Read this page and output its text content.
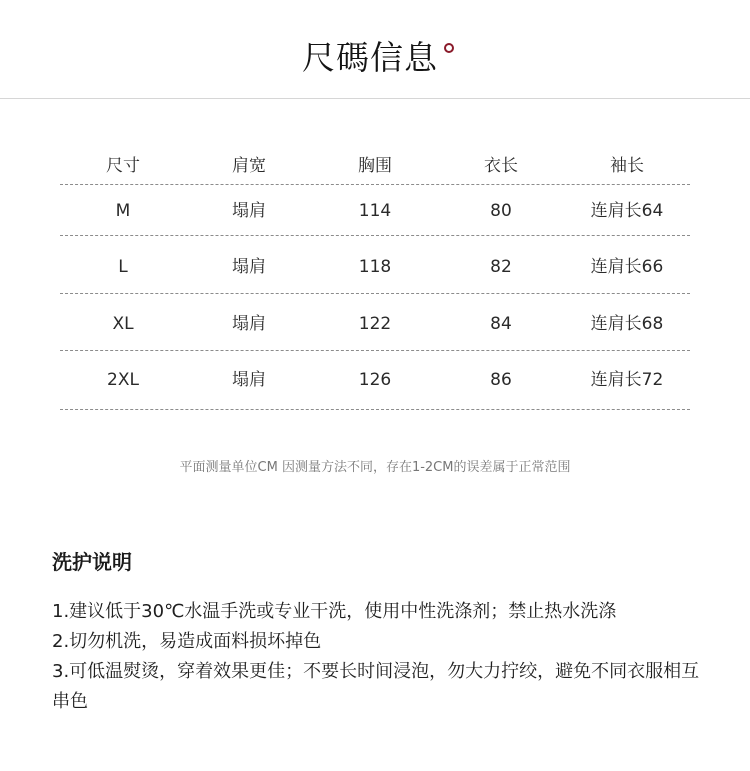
尺碼信息
尺寸	肩宽	胸围	衣长	袖长
M	塌肩	114	80	连肩长64
L	塌肩	118	82	连肩长66
XL	塌肩	122	84	连肩长68
2XL	塌肩	126	86	连肩长72
平面测量单位CM 因测量方法不同，存在1-2CM的误差属于正常范围
洗护说明
1.建议低于30℃水温手洗或专业干洗，使用中性洗涤剂；禁止热水洗涤
2.切勿机洗，易造成面料损坏掉色
3.可低温熨烫，穿着效果更佳；不要长时间浸泡，勿大力拧绞，避免不同衣服相互串色
